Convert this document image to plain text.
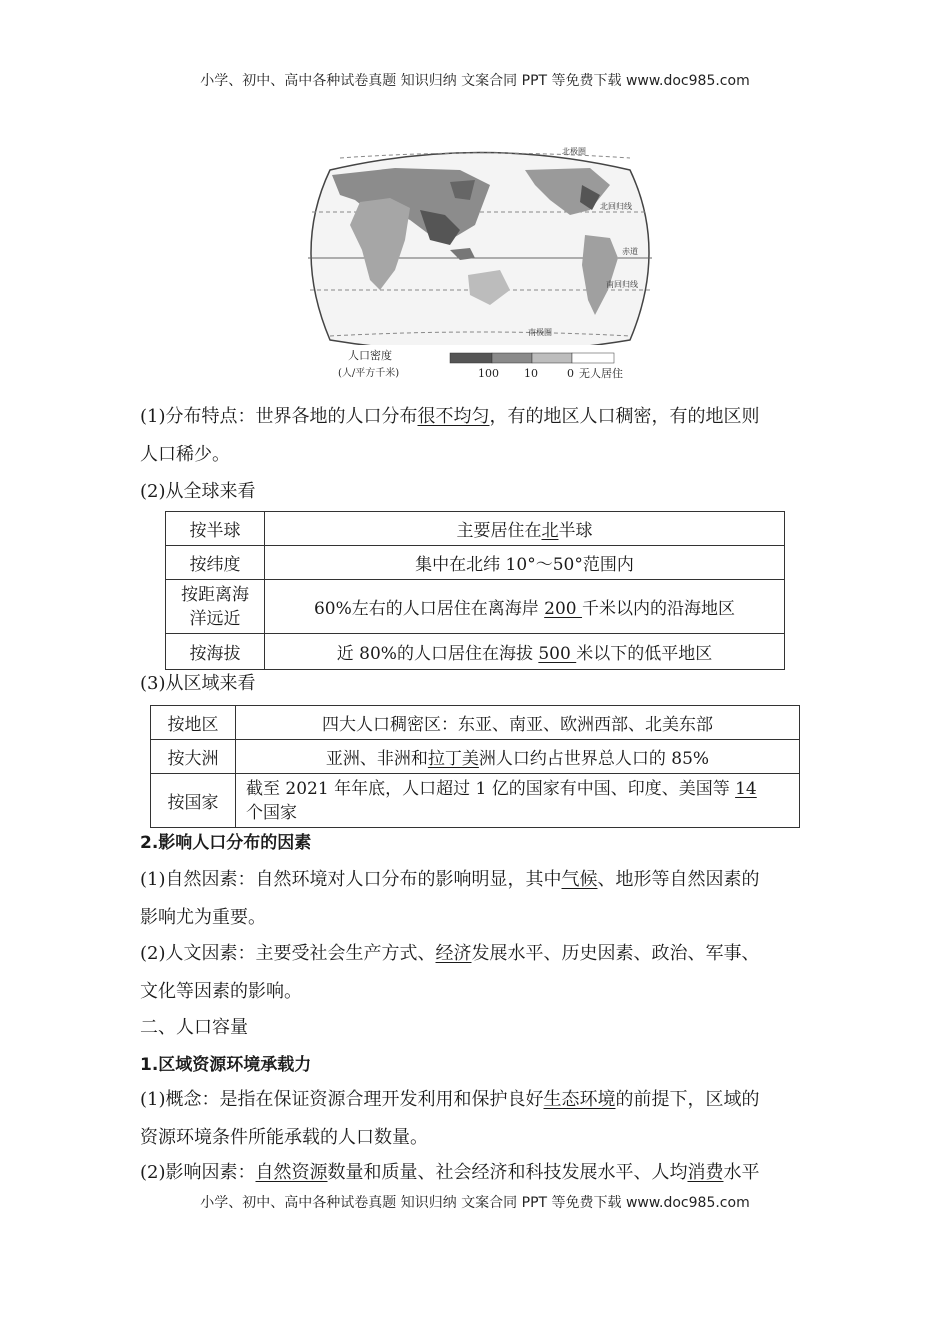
小学、初中、高中各种试卷真题 知识归纳 文案合同 PPT 等免费下载 www.doc985.com
北极圈
北回归线
赤道
南回归线
南极圈
人口密度
(人/平方千米)	100 10	0 无人居住

(1)分布特点：世界各地的人口分布很不均匀，有的地区人口稠密，有的地区则
人口稀少。

(2)从全球来看

按半球	主要居住在北半球
按纬度	集中在北纬 10°～50°范围内
按距离海
洋远近	60%左右的人口居住在离海岸 200 千米以内的沿海地区
按海拔	近 80%的人口居住在海拔 500 米以下的低平地区

(3)从区域来看

按地区	四大人口稠密区：东亚、南亚、欧洲西部、北美东部
按大洲	亚洲、非洲和拉丁美洲人口约占世界总人口的 85%
按国家	截至 2021 年年底，人口超过 1 亿的国家有中国、印度、美国等 14
个国家

2.影响人口分布的因素

(1)自然因素：自然环境对人口分布的影响明显，其中气候、地形等自然因素的
影响尤为重要。

(2)人文因素：主要受社会生产方式、经济发展水平、历史因素、政治、军事、
文化等因素的影响。

二、人口容量

1.区域资源环境承载力

(1)概念：是指在保证资源合理开发利用和保护良好生态环境的前提下，区域的
资源环境条件所能承载的人口数量。

(2)影响因素：自然资源数量和质量、社会经济和科技发展水平、人均消费水平

小学、初中、高中各种试卷真题 知识归纳 文案合同 PPT 等免费下载 www.doc985.com
